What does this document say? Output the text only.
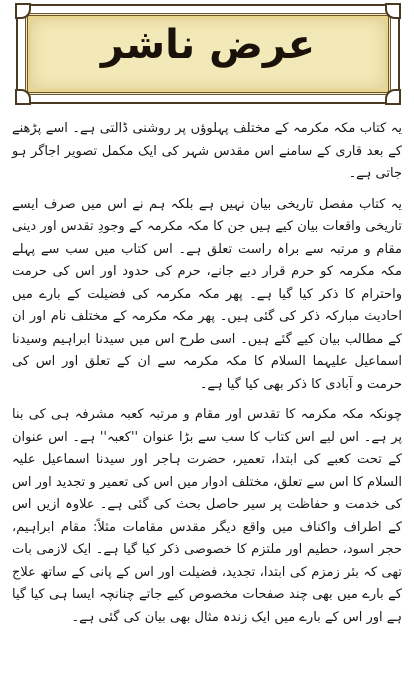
عرض ناشر

یہ کتاب مکہ مکرمہ کے مختلف پہلوؤں پر روشنی ڈالتی ہے۔ اسے پڑھنے کے بعد قاری کے سامنے اس مقدس شہر کی ایک مکمل تصویر اجاگر ہو جاتی ہے۔

یہ کتاب مفصل تاریخی بیان نہیں ہے بلکہ ہم نے اس میں صرف ایسے تاریخی واقعات بیان کیے ہیں جن کا مکہ مکرمہ کے وجودِ تقدس اور دینی مقام و مرتبہ سے براہ راست تعلق ہے۔ اس کتاب میں سب سے پہلے مکہ مکرمہ کو حرم قرار دیے جانے، حرم کی حدود اور اس کی حرمت واحترام کا ذکر کیا گیا ہے۔ پھر مکہ مکرمہ کی فضیلت کے بارے میں احادیث مبارکہ ذکر کی گئی ہیں۔ پھر مکہ مکرمہ کے مختلف نام اور ان کے مطالب بیان کیے گئے ہیں۔ اسی طرح اس میں سیدنا ابراہیم وسیدنا اسماعیل علیہما السلام کا مکہ مکرمہ سے ان کے تعلق اور اس کی حرمت و آبادی کا ذکر بھی کیا گیا ہے۔

چونکہ مکہ مکرمہ کا تقدس اور مقام و مرتبہ کعبہ مشرفہ ہی کی بنا پر ہے۔ اس لیے اس کتاب کا سب سے بڑا عنوان ''کعبہ'' ہے۔ اس عنوان کے تحت کعبے کی ابتدا، تعمیر، حضرت ہاجر اور سیدنا اسماعیل علیہ السلام کا اس سے تعلق، مختلف ادوار میں اس کی تعمیر و تجدید اور اس کی خدمت و حفاظت پر سیر حاصل بحث کی گئی ہے۔ علاوہ ازیں اس کے اطراف واکناف میں واقع دیگر مقدس مقامات مثلاً: مقام ابراہیم، حجر اسود، حطیم اور ملتزم کا خصوصی ذکر کیا گیا ہے۔ ایک لازمی بات تھی کہ بئر زمزم کی ابتدا، تجدید، فضیلت اور اس کے پانی کے ساتھ علاج کے بارے میں بھی چند صفحات مخصوص کیے جاتے چنانچہ ایسا ہی کیا گیا ہے اور اس کے بارے میں ایک زندہ مثال بھی بیان کی گئی ہے۔
